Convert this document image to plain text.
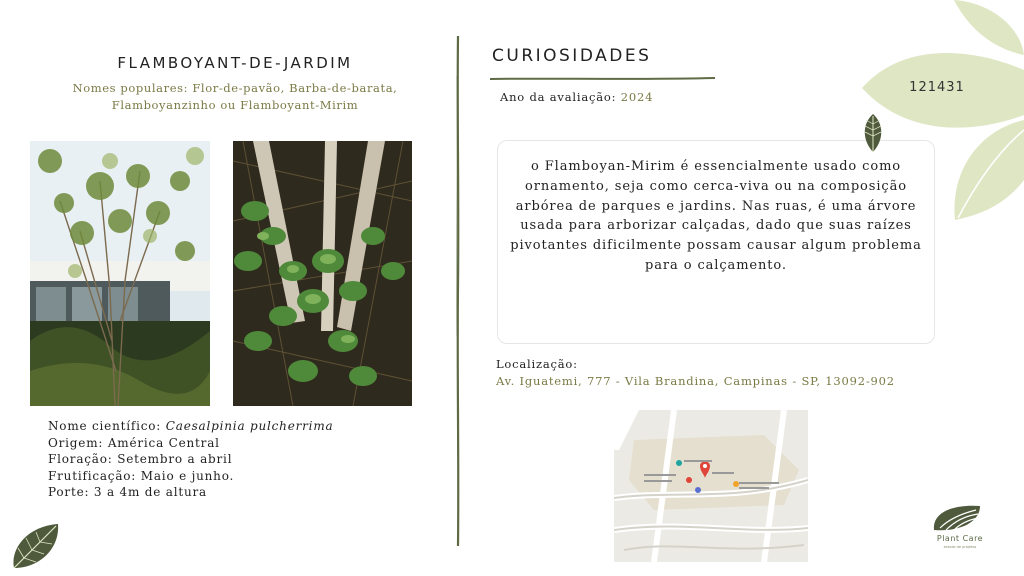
FLAMBOYANT-DE-JARDIM
Nomes populares: Flor-de-pavão, Barba-de-barata,
Flamboyanzinho ou Flamboyant-Mirim
Nome científico: Caesalpinia pulcherrima
Origem: América Central
Floração: Setembro a abril
Frutificação: Maio e junho.
Porte: 3 a 4m de altura
CURIOSIDADES
Ano da avaliação: 2024
o Flamboyan-Mirim é essencialmente usado como ornamento, seja como cerca-viva ou na composição arbórea de parques e jardins. Nas ruas, é uma árvore usada para arborizar calçadas, dado que suas raízes pivotantes dificilmente possam causar algum problema para o calçamento.
Localização:
Av. Iguatemi, 777 - Vila Brandina, Campinas - SP, 13092-902
121431
Plant Care
estudo de projetos
